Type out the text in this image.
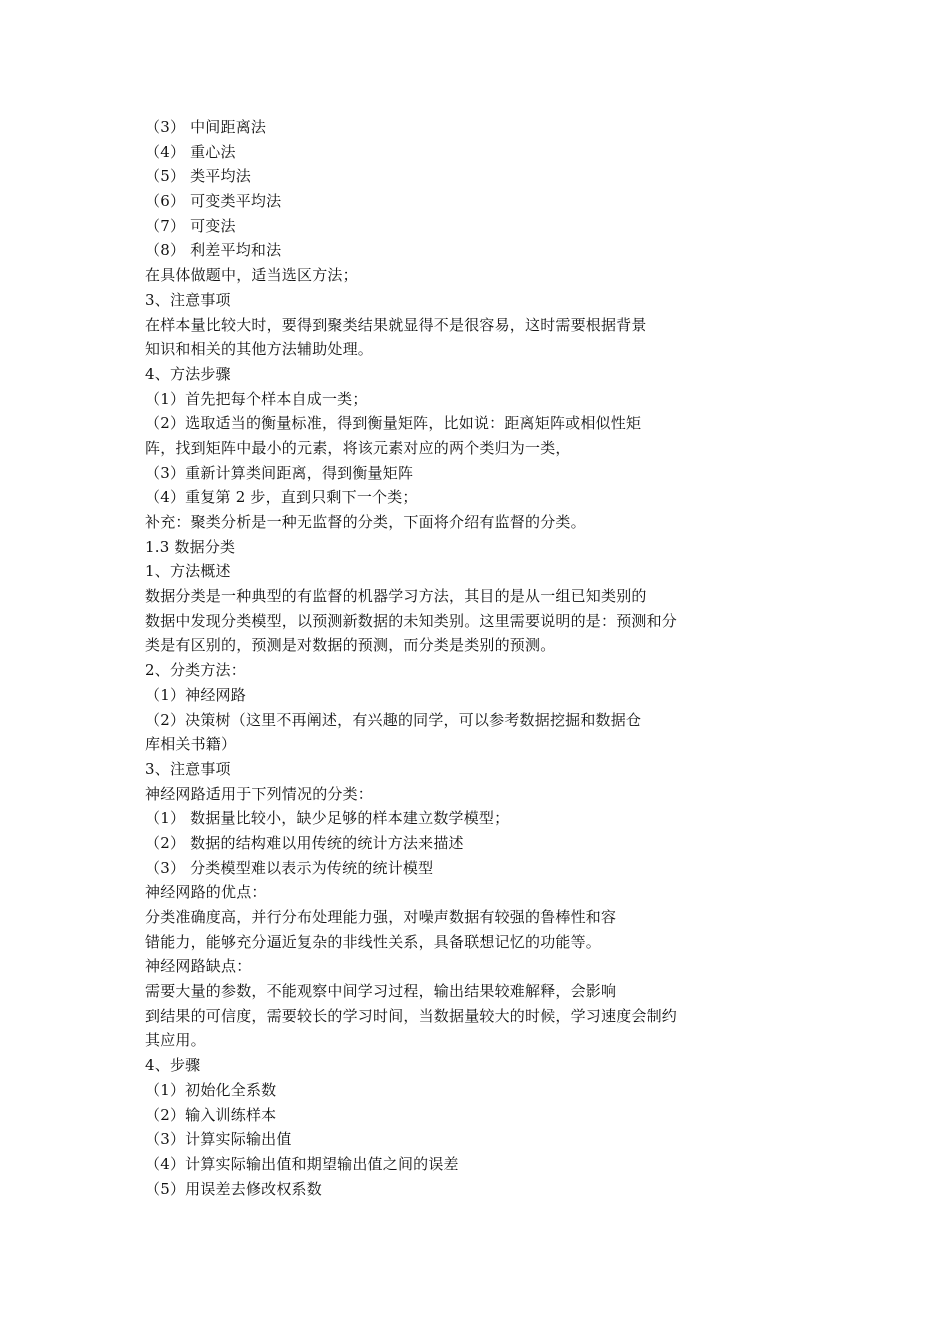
（3） 中间距离法
（4） 重心法
（5） 类平均法
（6） 可变类平均法
（7） 可变法
（8） 利差平均和法
在具体做题中，适当选区方法；
3、注意事项
在样本量比较大时，要得到聚类结果就显得不是很容易，这时需要根据背景
知识和相关的其他方法辅助处理。
4、方法步骤
（1）首先把每个样本自成一类；
（2）选取适当的衡量标准，得到衡量矩阵，比如说：距离矩阵或相似性矩
阵，找到矩阵中最小的元素，将该元素对应的两个类归为一类，
（3）重新计算类间距离，得到衡量矩阵
（4）重复第 2 步，直到只剩下一个类；
补充：聚类分析是一种无监督的分类，下面将介绍有监督的分类。
1.3 数据分类
1、方法概述
数据分类是一种典型的有监督的机器学习方法，其目的是从一组已知类别的
数据中发现分类模型，以预测新数据的未知类别。这里需要说明的是：预测和分
类是有区别的，预测是对数据的预测，而分类是类别的预测。
2、分类方法：
（1）神经网路
（2）决策树（这里不再阐述，有兴趣的同学，可以参考数据挖掘和数据仓
库相关书籍）
3、注意事项
神经网路适用于下列情况的分类：
（1） 数据量比较小，缺少足够的样本建立数学模型；
（2） 数据的结构难以用传统的统计方法来描述
（3） 分类模型难以表示为传统的统计模型
神经网路的优点：
分类准确度高，并行分布处理能力强，对噪声数据有较强的鲁棒性和容
错能力，能够充分逼近复杂的非线性关系，具备联想记忆的功能等。
神经网路缺点：
需要大量的参数，不能观察中间学习过程，输出结果较难解释，会影响
到结果的可信度，需要较长的学习时间，当数据量较大的时候，学习速度会制约
其应用。
4、步骤
（1）初始化全系数
（2）输入训练样本
（3）计算实际输出值
（4）计算实际输出值和期望输出值之间的误差
（5）用误差去修改权系数
